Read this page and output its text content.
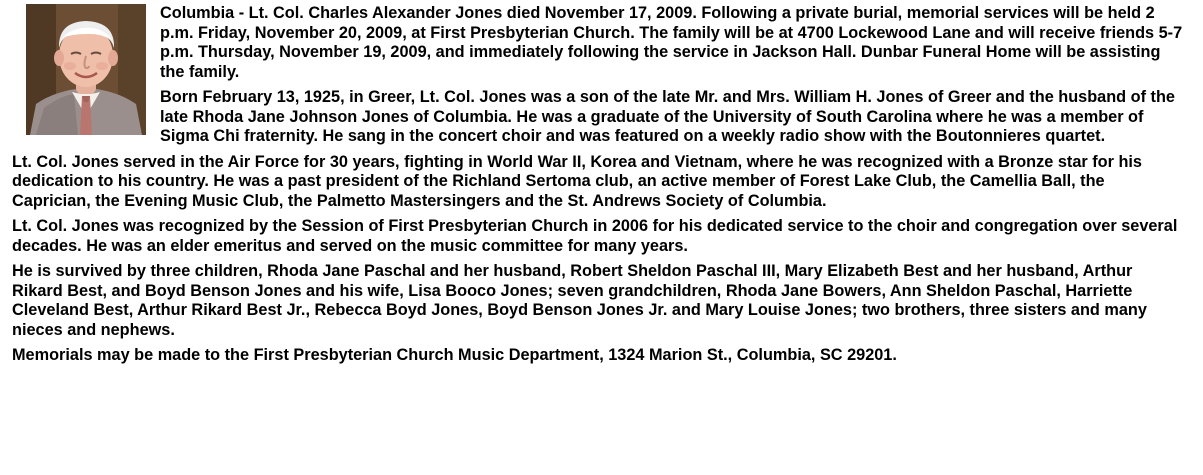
Columbia - Lt. Col. Charles Alexander Jones died November 17, 2009. Following a private burial, memorial services will be held 2 p.m. Friday, November 20, 2009, at First Presbyterian Church. The family will be at 4700 Lockewood Lane and will receive friends 5-7 p.m. Thursday, November 19, 2009, and immediately following the service in Jackson Hall. Dunbar Funeral Home will be assisting the family.

Born February 13, 1925, in Greer, Lt. Col. Jones was a son of the late Mr. and Mrs. William H. Jones of Greer and the husband of the late Rhoda Jane Johnson Jones of Columbia. He was a graduate of the University of South Carolina where he was a member of Sigma Chi fraternity. He sang in the concert choir and was featured on a weekly radio show with the Boutonnieres quartet.

Lt. Col. Jones served in the Air Force for 30 years, fighting in World War II, Korea and Vietnam, where he was recognized with a Bronze star for his dedication to his country. He was a past president of the Richland Sertoma club, an active member of Forest Lake Club, the Camellia Ball, the Caprician, the Evening Music Club, the Palmetto Mastersingers and the St. Andrews Society of Columbia.

Lt. Col. Jones was recognized by the Session of First Presbyterian Church in 2006 for his dedicated service to the choir and congregation over several decades. He was an elder emeritus and served on the music committee for many years.

He is survived by three children, Rhoda Jane Paschal and her husband, Robert Sheldon Paschal III, Mary Elizabeth Best and her husband, Arthur Rikard Best, and Boyd Benson Jones and his wife, Lisa Booco Jones; seven grandchildren, Rhoda Jane Bowers, Ann Sheldon Paschal, Harriette Cleveland Best, Arthur Rikard Best Jr., Rebecca Boyd Jones, Boyd Benson Jones Jr. and Mary Louise Jones; two brothers, three sisters and many nieces and nephews.

Memorials may be made to the First Presbyterian Church Music Department, 1324 Marion St., Columbia, SC 29201.
